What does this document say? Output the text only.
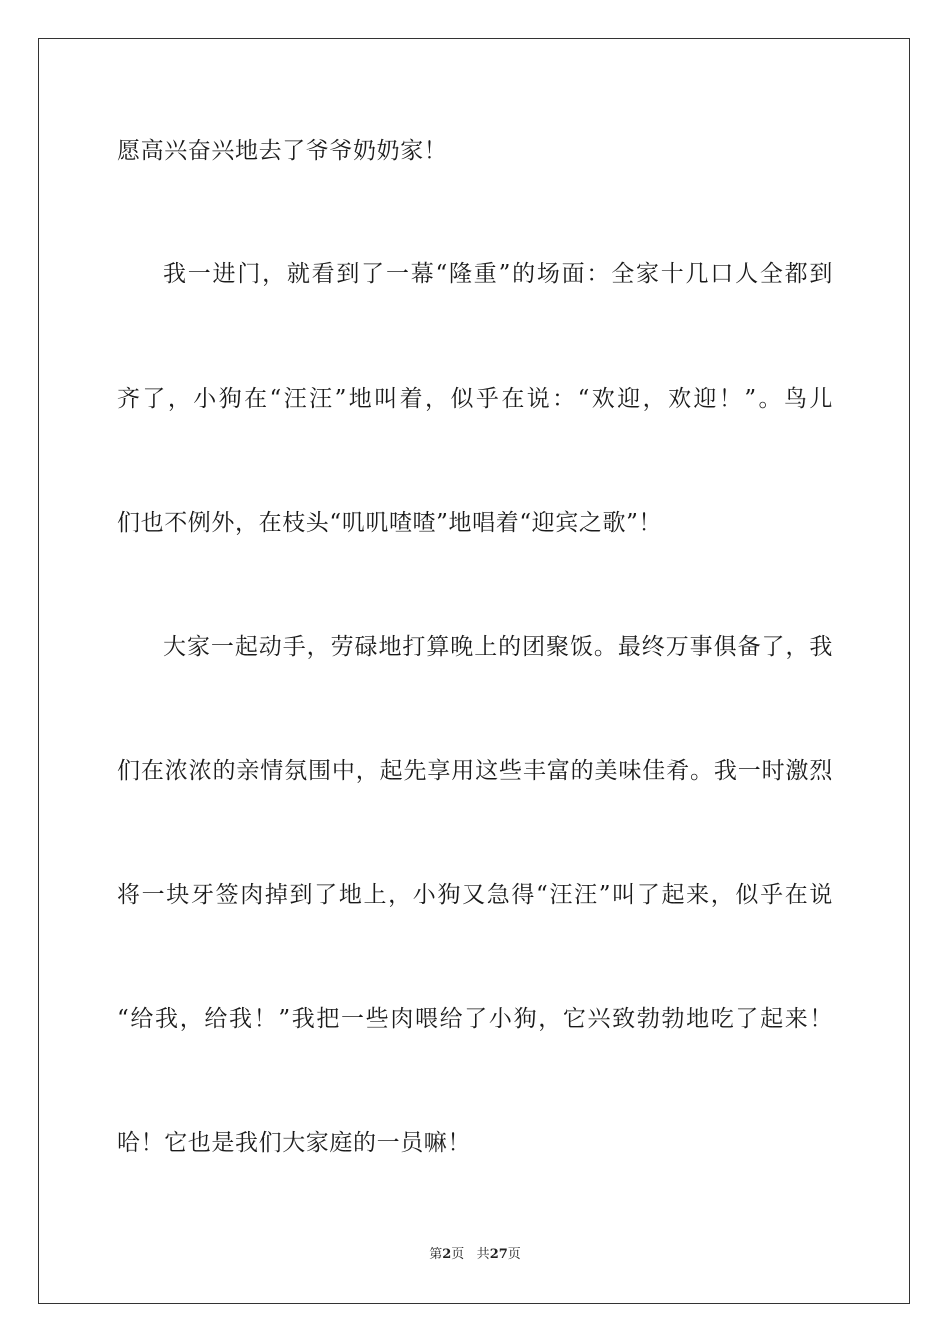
愿高兴奋兴地去了爷爷奶奶家！
我一进门，就看到了一幕“隆重”的场面：全家十几口人全都到
齐了，小狗在“汪汪”地叫着，似乎在说：“欢迎，欢迎！”。鸟儿
们也不例外，在枝头“叽叽喳喳”地唱着“迎宾之歌”！
大家一起动手，劳碌地打算晚上的团聚饭。最终万事俱备了，我
们在浓浓的亲情氛围中，起先享用这些丰富的美味佳肴。我一时激烈
将一块牙签肉掉到了地上，小狗又急得“汪汪”叫了起来，似乎在说
“给我，给我！”我把一些肉喂给了小狗，它兴致勃勃地吃了起来！
哈！它也是我们大家庭的一员嘛！
第2页 共27页
